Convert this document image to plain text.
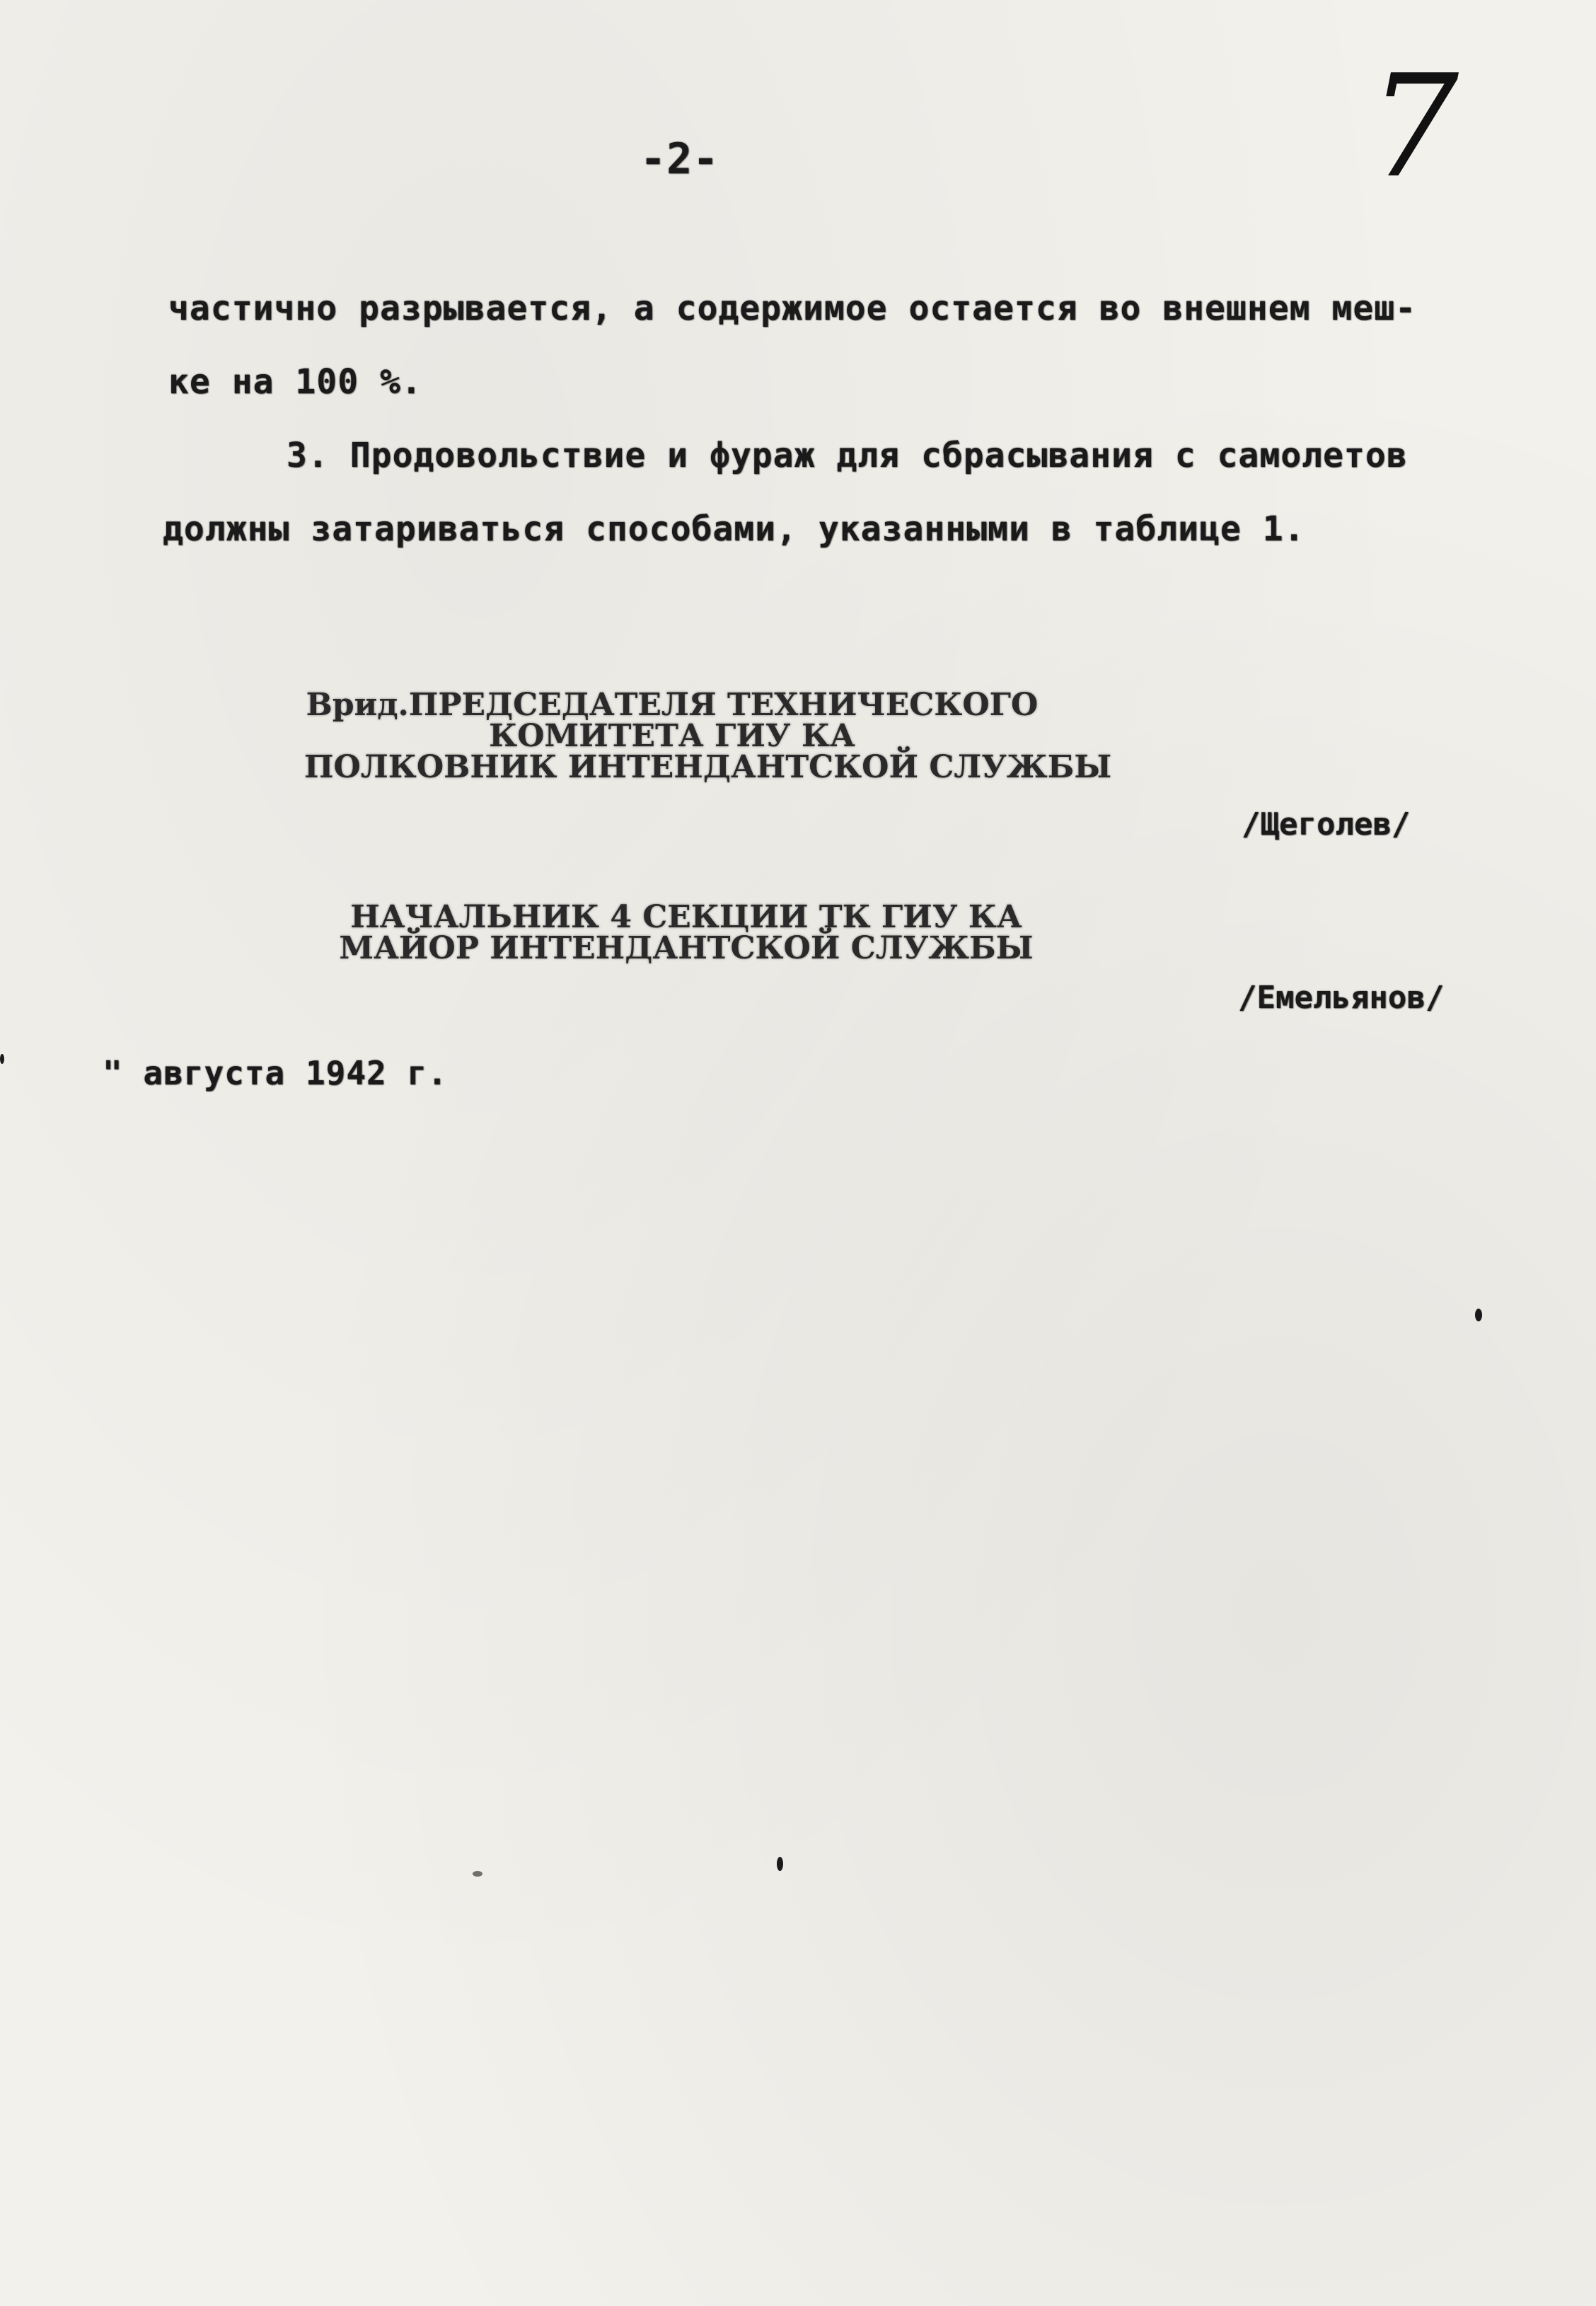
-2-	7
частично разрывается, а содержимое остается во внешнем меш-
ке на 100 %.
3. Продовольствие и фураж для сбрасывания с самолетов
должны затариваться способами, указанными в таблице 1.
Врид.ПРЕДСЕДАТЕЛЯ ТЕХНИЧЕСКОГО
КОМИТЕТА ГИУ КА
ПОЛКОВНИК ИНТЕНДАНТСКОЙ СЛУЖБЫ
/Щеголев/
НАЧАЛЬНИК 4 СЕКЦИИ ТК ГИУ КА
МАЙОР ИНТЕНДАНТСКОЙ СЛУЖБЫ
/Емельянов/
" августа 1942 г.
